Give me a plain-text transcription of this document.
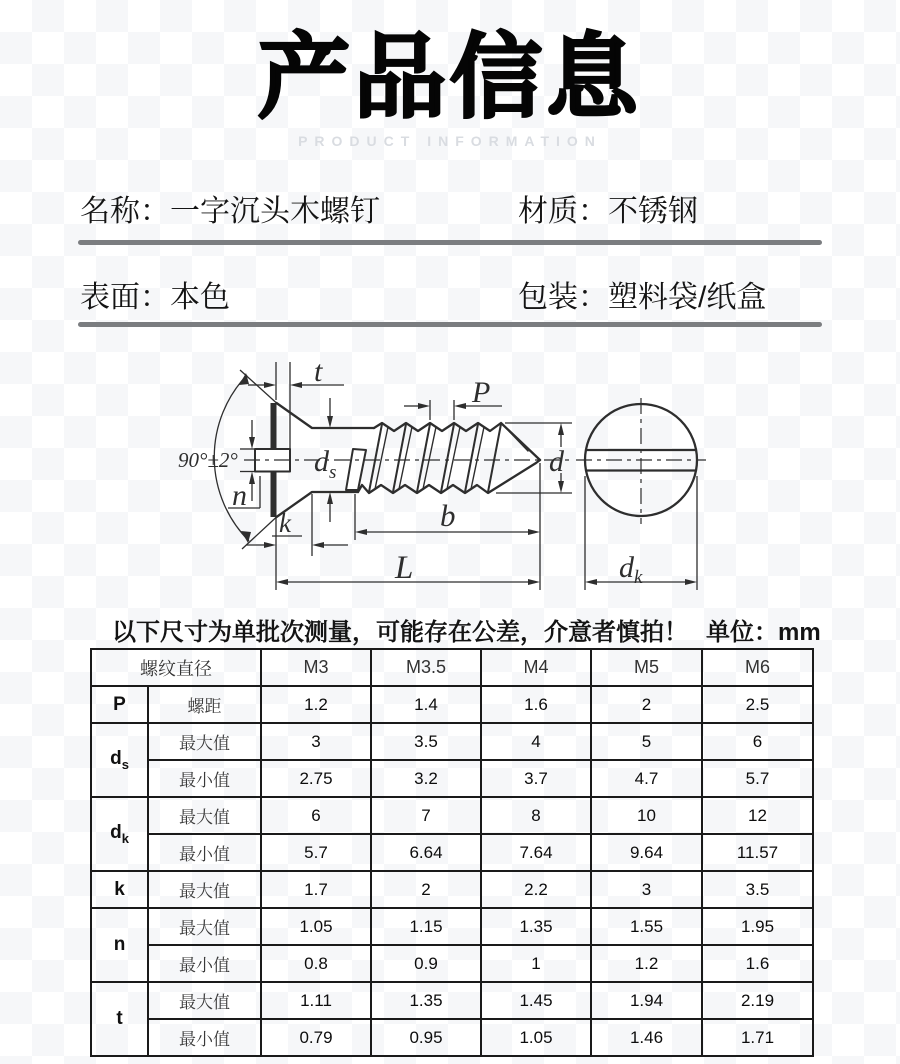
产品信息
PRODUCT INFORMATION
名称：一字沉头木螺钉	材质：不锈钢
表面：本色	包装：塑料袋/纸盒
t
P
90°±2°	$d_s$
n
k	b
L
d
$d_k$
以下尺寸为单批次测量，可能存在公差，介意者慎拍！ 单位：mm
螺纹直径		M3	M3.5	M4	M5	M6
P	螺距	1.2	1.4	1.6	2	2.5
$d_s$	最大值	3	3.5	4	5	6
	最小值	2.75	3.2	3.7	4.7	5.7
$d_k$	最大值	6	7	8	10	12
	最小值	5.7	6.64	7.64	9.64	11.57
k	最大值	1.7	2	2.2	3	3.5
n	最大值	1.05	1.15	1.35	1.55	1.95
	最小值	0.8	0.9	1	1.2	1.6
t	最大值	1.11	1.35	1.45	1.94	2.19
	最小值	0.79	0.95	1.05	1.46	1.71
